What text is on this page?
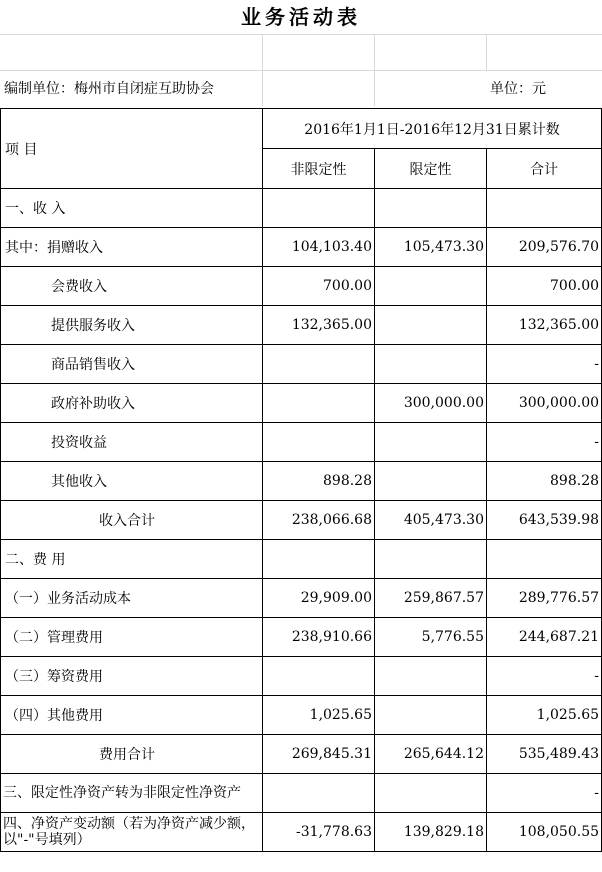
业务活动表
编制单位：梅州市自闭症互助协会	单位：元
项 目	2016年1月1日-2016年12月31日累计数		
	非限定性	限定性	合计
一、收 入			
其中：捐赠收入	104,103.40	105,473.30	209,576.70
会费收入	700.00		700.00
提供服务收入	132,365.00		132,365.00
商品销售收入			-
政府补助收入		300,000.00	300,000.00
投资收益			-
其他收入	898.28		898.28
收入合计	238,066.68	405,473.30	643,539.98
二、费 用			
（一）业务活动成本	29,909.00	259,867.57	289,776.57
（二）管理费用	238,910.66	5,776.55	244,687.21
（三）筹资费用			-
（四）其他费用	1,025.65		1,025.65
费用合计	269,845.31	265,644.12	535,489.43
三、限定性净资产转为非限定性净资产			-
四、净资产变动额（若为净资产减少额，以"-"号填列）	-31,778.63	139,829.18	108,050.55
